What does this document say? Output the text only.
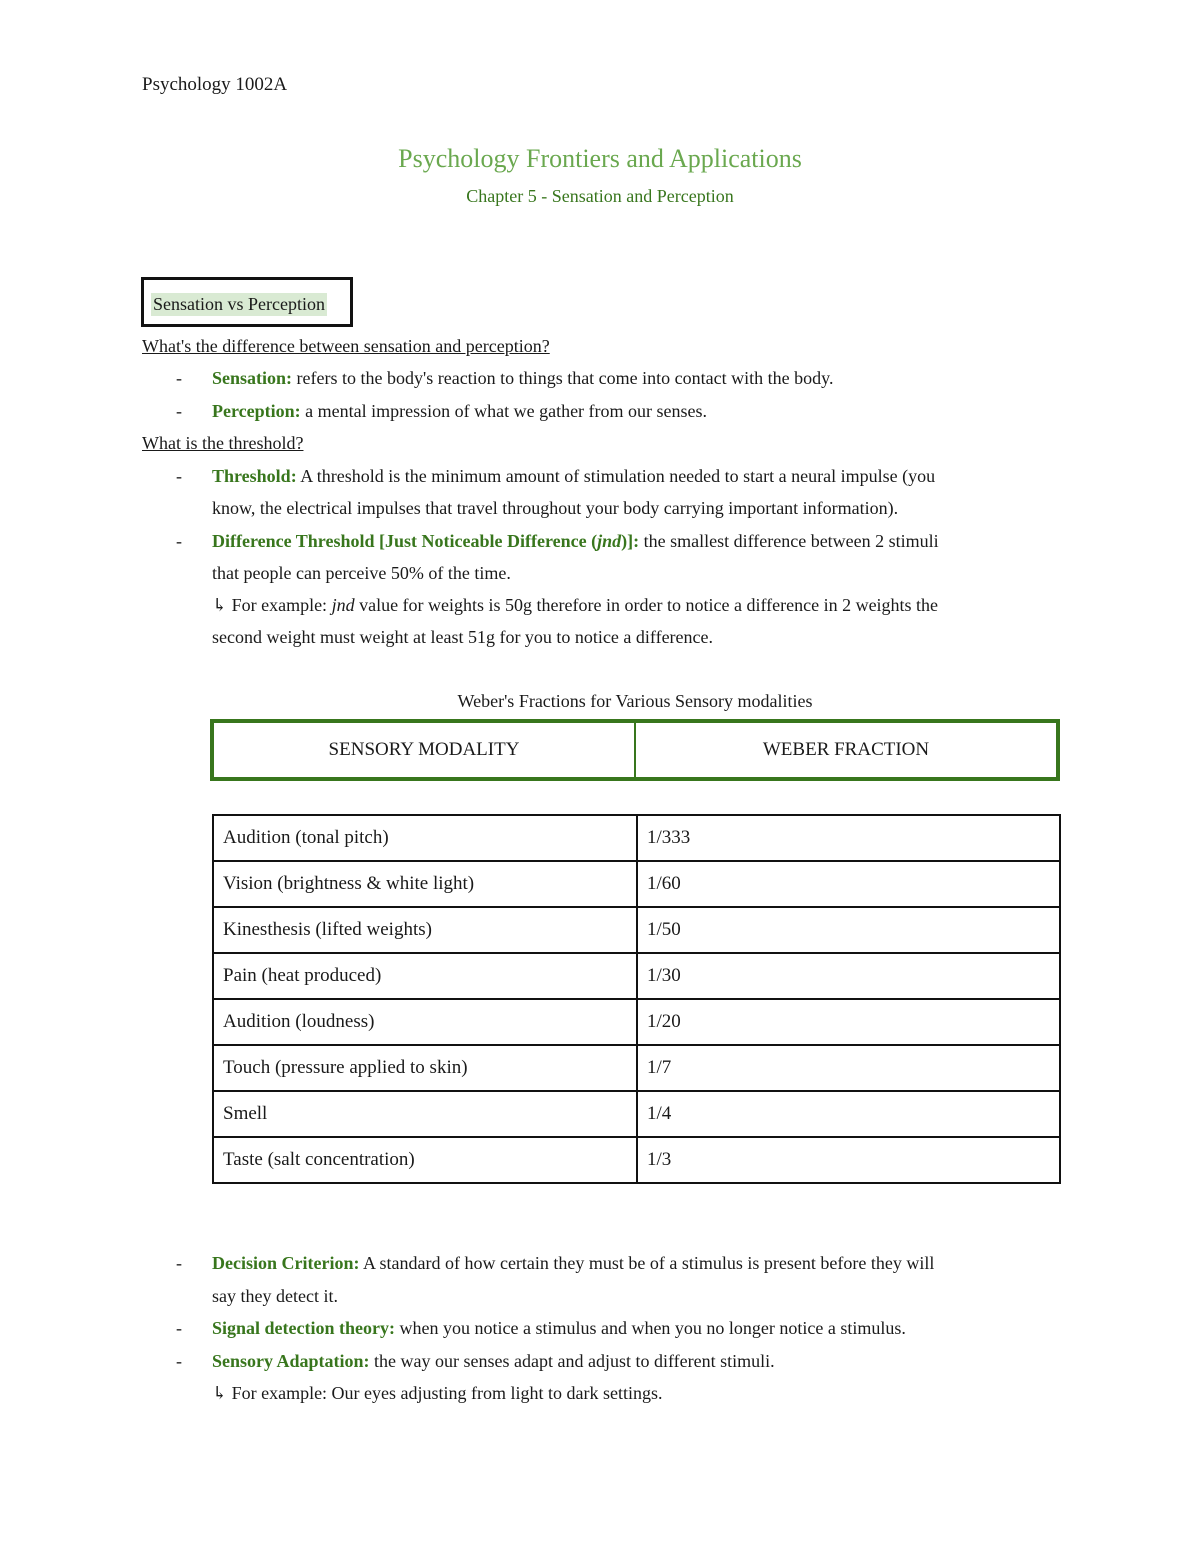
Psychology 1002A
Psychology Frontiers and Applications
Chapter 5 - Sensation and Perception
Sensation vs Perception
What's the difference between sensation and perception?
- Sensation: refers to the body's reaction to things that come into contact with the body.
- Perception: a mental impression of what we gather from our senses.
What is the threshold?
- Threshold: A threshold is the minimum amount of stimulation needed to start a neural impulse (you
know, the electrical impulses that travel throughout your body carrying important information).
- Difference Threshold [Just Noticeable Difference (jnd)]: the smallest difference between 2 stimuli
that people can perceive 50% of the time.
↳ For example: jnd value for weights is 50g therefore in order to notice a difference in 2 weights the
second weight must weight at least 51g for you to notice a difference.
Weber's Fractions for Various Sensory modalities
SENSORY MODALITY	WEBER FRACTION
Audition (tonal pitch)	1/333
Vision (brightness & white light)	1/60
Kinesthesis (lifted weights)	1/50
Pain (heat produced)	1/30
Audition (loudness)	1/20
Touch (pressure applied to skin)	1/7
Smell	1/4
Taste (salt concentration)	1/3
- Decision Criterion: A standard of how certain they must be of a stimulus is present before they will
say they detect it.
- Signal detection theory: when you notice a stimulus and when you no longer notice a stimulus.
- Sensory Adaptation: the way our senses adapt and adjust to different stimuli.
↳ For example: Our eyes adjusting from light to dark settings.
